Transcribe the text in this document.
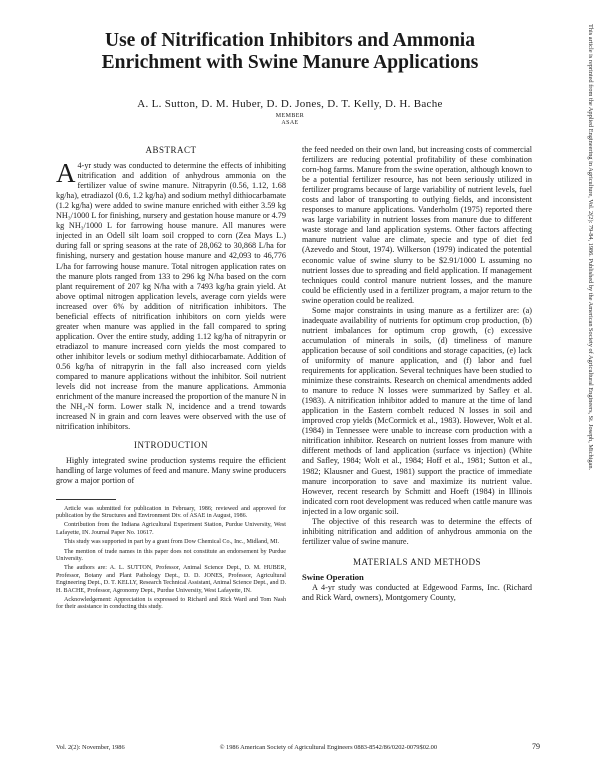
Use of Nitrification Inhibitors and Ammonia
Enrichment with Swine Manure Applications
A. L. Sutton, D. M. Huber, D. D. Jones, D. T. Kelly, D. H. Bache
MEMBER
ASAE	This article is reprinted from the Applied Engineering in Agriculture, Vol. 2(2): 79-84, 1986. Published by the American Society of Agricultural Engineers, St. Joseph, Michigan.
ABSTRACT

A 4-yr study was conducted to determine the effects of inhibiting nitrification and addition of anhydrous ammonia on the fertilizer value of swine manure. Nitrapyrin (0.56, 1.12, 1.68 kg/ha), etradiazol (0.6, 1.2 kg/ha) and sodium methyl dithiocarbamate (1.2 kg/ha) were added to swine manure enriched with either 3.59 kg NH₃/1000 L for finishing, nursery and gestation house manure or 4.79 kg NH₃/1000 L for farrowing house manure. All manures were injected in an Odell silt loam soil cropped to corn (Zea Mays L.) during fall or spring seasons at the rate of 28,062 to 30,868 L/ha for finishing, nursery and gestation house manure and 42,093 to 46,776 L/ha for farrowing house manure. Total nitrogen application rates on the manure plots ranged from 133 to 296 kg N/ha based on the corn plant requirement of 207 kg N/ha with a 7493 kg/ha grain yield. At above optimal nitrogen application levels, average corn yields were increased over 6% by addition of nitrification inhibitors. The beneficial effects of nitrification inhibitors on corn yields were greater when manure was applied in the fall compared to spring application. Over the entire study, adding 1.12 kg/ha of nitrapyrin or etradiazol to manure increased corn yields the most compared to other inhibitor levels or sodium methyl dithiocarbamate. Addition of 0.56 kg/ha of nitrapyrin in the fall also increased corn yields compared to manure applications without the inhibitor. Soil nutrient levels did not increase from the manure applications. Ammonia enrichment of the manure increased the proportion of the manure N in the NH₄-N form. Lower stalk N, incidence and a trend towards increased N in grain and corn leaves were observed with the use of nitrification inhibitors.

INTRODUCTION

Highly integrated swine production systems require the efficient handling of large volumes of feed and manure. Many swine producers grow a major portion of

Article was submitted for publication in February, 1986; reviewed and approved for publication by the Structures and Environment Div. of ASAE in August, 1986.

Contribution from the Indiana Agricultural Experiment Station, Purdue University, West Lafayette, IN. Journal Paper No. 10617.

This study was supported in part by a grant from Dow Chemical Co., Inc., Midland, MI.

The mention of trade names in this paper does not constitute an endorsement by Purdue University.

The authors are: A. L. SUTTON, Professor, Animal Science Dept., D. M. HUBER, Professor, Botany and Plant Pathology Dept., D. D. JONES, Professor, Agricultural Engineering Dept., D. T. KELLY, Research Technical Assistant, Animal Science Dept., and D. H. BACHE, Professor, Agronomy Dept., Purdue University, West Lafayette, IN.

Acknowledgement: Appreciation is expressed to Richard and Rick Ward and Tom Nash for their assistance in conducting this study.

the feed needed on their own land, but increasing costs of commercial fertilizers are reducing potential profitability of these combination corn-hog farms. Manure from the swine operation, although known to be a potential fertilizer resource, has not been seriously utilized in fertilizer programs because of large variability of nutrient levels, fuel costs and labor of transporting to outlying fields, and inconsistent responses to manure applications. Vanderholm (1975) reported there was large variability in nutrient losses from manure due to different waste storage and land application systems. Other factors affecting manure nutrient value are climate, specie and type of diet fed (Azevedo and Stout, 1974). Wilkerson (1979) indicated the potential economic value of swine slurry to be $2.91/1000 L assuming no nutrient losses due to spreading and field application. If management techniques could control manure nutrient losses, and the manure could be efficiently used in a fertilizer program, a major return to the swine operation could be realized.

Some major constraints in using manure as a fertilizer are: (a) inadequate availability of nutrients for optimum crop production, (b) nutrient imbalances for optimum crop growth, (c) excessive accumulation of minerals in soils, (d) timeliness of manure application because of soil conditions and storage capacities, (e) lack of uniformity of manure application, and (f) labor and fuel requirements for application. Several techniques have been studied to minimize these constraints. Research on chemical amendments added to manure to reduce N losses were summarized by Safley et al. (1983). A nitrification inhibitor added to manure at the time of land application in the Eastern cornbelt reduced N losses in soil and improved crop yields (McCormick et al., 1983). However, Wolt et al. (1984) in Tennessee were unable to increase corn production with a nitrification inhibitor. Research on nutrient losses from manure with different methods of land application (surface vs injection) (White and Safley, 1984; Wolt et al., 1984; Hoff et al., 1981; Sutton et al., 1982; Klausner and Guest, 1981) support the practice of immediate manure incorporation to save and maximize its nutrient value. However, recent research by Schmitt and Hoeft (1984) in Illinois indicated corn root development was reduced when cattle manure was injected in a low organic soil.

The objective of this research was to determine the effects of inhibiting nitrification and addition of anhydrous ammonia on the fertilizer value of swine manure.

MATERIALS AND METHODS
Swine Operation

A 4-yr study was conducted at Edgewood Farms, Inc. (Richard and Rick Ward, owners), Montgomery County,

Vol. 2(2): November, 1986	© 1986 American Society of Agricultural Engineers 0883-8542/86/0202-0079$02.00	79
